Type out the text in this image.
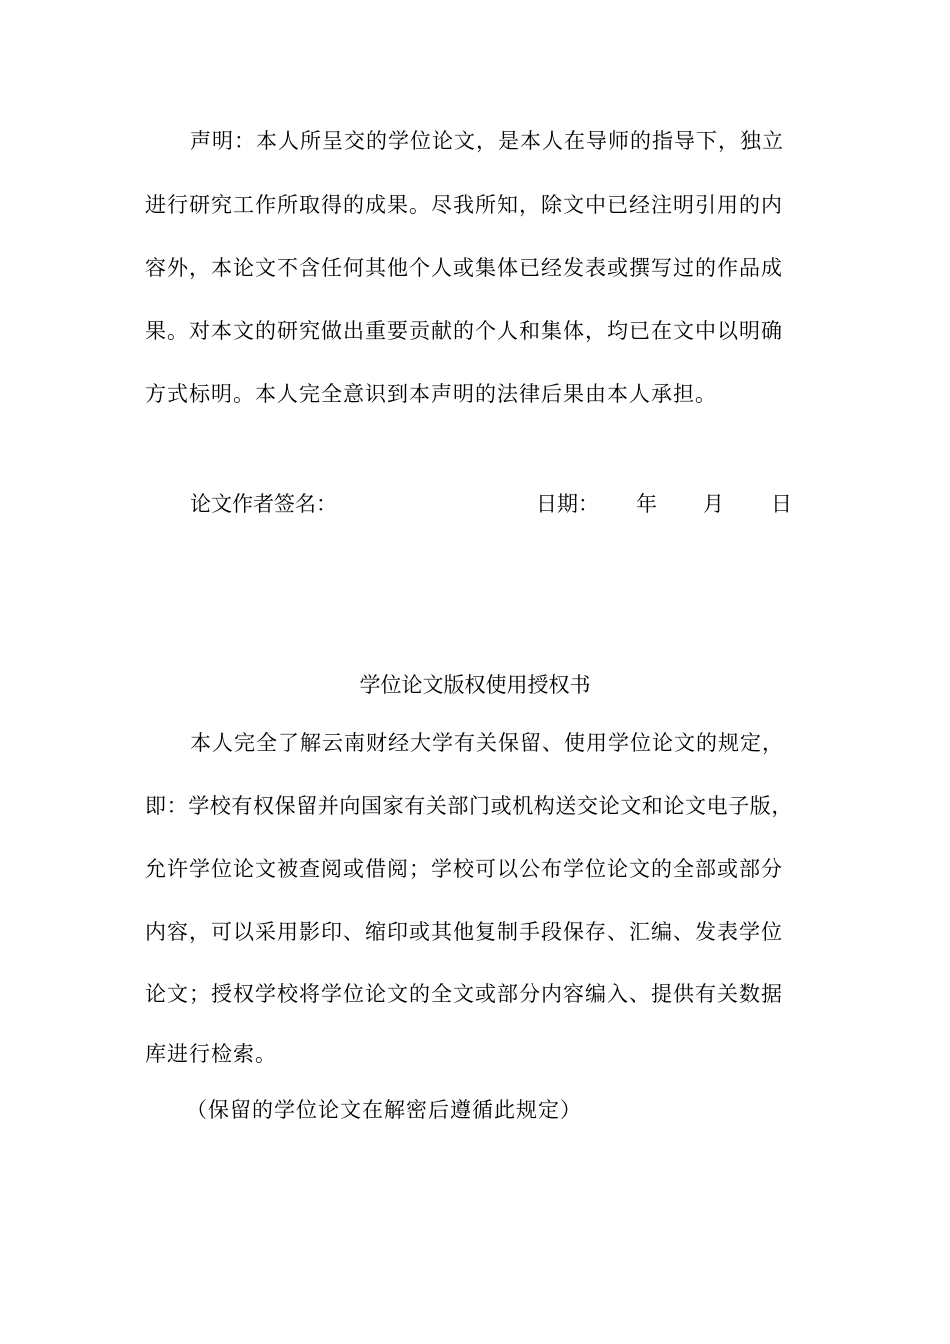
声明：本人所呈交的学位论文，是本人在导师的指导下，独立
进行研究工作所取得的成果。尽我所知，除文中已经注明引用的内
容外，本论文不含任何其他个人或集体已经发表或撰写过的作品成
果。对本文的研究做出重要贡献的个人和集体，均已在文中以明确
方式标明。本人完全意识到本声明的法律后果由本人承担。
论文作者签名：	日期： 年 月 日
学位论文版权使用授权书
本人完全了解云南财经大学有关保留、使用学位论文的规定，
即：学校有权保留并向国家有关部门或机构送交论文和论文电子版，
允许学位论文被查阅或借阅；学校可以公布学位论文的全部或部分
内容，可以采用影印、缩印或其他复制手段保存、汇编、发表学位
论文；授权学校将学位论文的全文或部分内容编入、提供有关数据
库进行检索。
（保留的学位论文在解密后遵循此规定）
